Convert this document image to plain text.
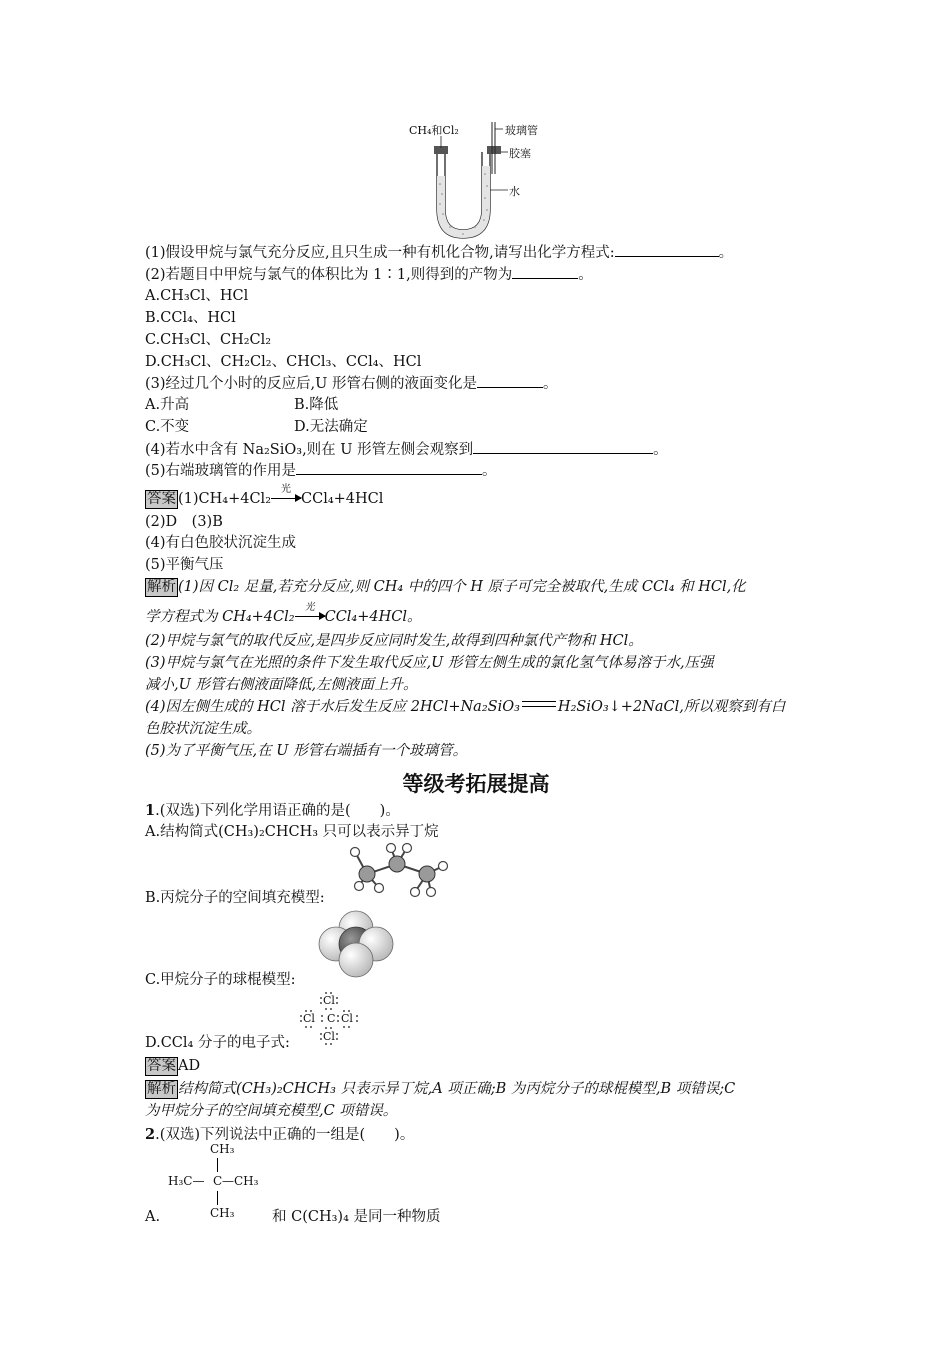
CH₄和Cl₂	玻璃管
胶塞
水
(1)假设甲烷与氯气充分反应,且只生成一种有机化合物,请写出化学方程式:	。
(2)若题目中甲烷与氯气的体积比为 1∶1,则得到的产物为	。
A.CH₃Cl、HCl
B.CCl₄、HCl
C.CH₃Cl、CH₂Cl₂
D.CH₃Cl、CH₂Cl₂、CHCl₃、CCl₄、HCl
(3)经过几个小时的反应后,U 形管右侧的液面变化是	。
A.升高	B.降低
C.不变	D.无法确定
(4)若水中含有 Na₂SiO₃,则在 U 形管左侧会观察到	。
(5)右端玻璃管的作用是	。
答案 (1)CH₄+4Cl₂
光
CCl₄+4HCl
(2)D　(3)B
(4)有白色胶状沉淀生成
(5)平衡气压
解析 (1)因 Cl₂ 足量,若充分反应,则 CH₄ 中的四个 H 原子可完全被取代,生成 CCl₄ 和 HCl,化
学方程式为 CH₄+4Cl₂
光
CCl₄+4HCl。
(2)甲烷与氯气的取代反应,是四步反应同时发生,故得到四种氯代产物和 HCl。
(3)甲烷与氯气在光照的条件下发生取代反应,U 形管左侧生成的氯化氢气体易溶于水,压强
减小,U 形管右侧液面降低,左侧液面上升。
(4)因左侧生成的 HCl 溶于水后发生反应 2HCl+Na₂SiO₃	H₂SiO₃↓+2NaCl,所以观察到有白
色胶状沉淀生成。
(5)为了平衡气压,在 U 形管右端插有一个玻璃管。
等级考拓展提高
1.(双选)下列化学用语正确的是(　　)。
A.结构简式(CH₃)₂CHCH₃ 只可以表示异丁烷
B.丙烷分子的空间填充模型:
C.甲烷分子的球棍模型:
Cl
Cl C Cl
Cl
D.CCl₄ 分子的电子式:
答案 AD
解析 结构简式(CH₃)₂CHCH₃ 只表示异丁烷,A 项正确;B 为丙烷分子的球棍模型,B 项错误;C
为甲烷分子的空间填充模型,C 项错误。
2.(双选)下列说法中正确的一组是(　　)。
CH₃
H₃C— C —CH₃
CH₃
A.	和 C(CH₃)₄ 是同一种物质
